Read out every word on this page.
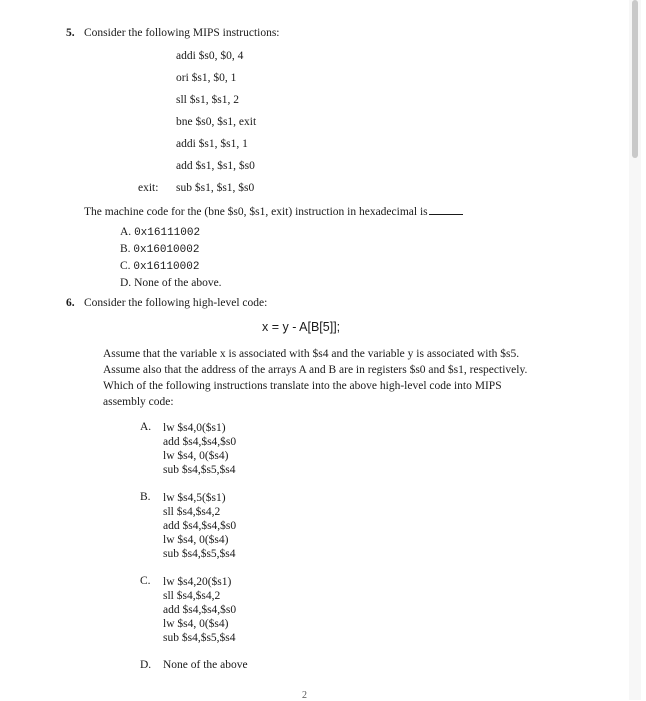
5. Consider the following MIPS instructions:
addi $s0, $0, 4
ori $s1, $0, 1
sll $s1, $s1, 2
bne $s0, $s1, exit
addi $s1, $s1, 1
add $s1, $s1, $s0
exit: sub $s1, $s1, $s0
The machine code for the (bne $s0, $s1, exit) instruction in hexadecimal is
A. 0x16111002
B. 0x16010002
C. 0x16110002
D. None of the above.
6. Consider the following high-level code:
x = y - A[B[5]];
Assume that the variable x is associated with $s4 and the variable y is associated with $s5. Assume also that the address of the arrays A and B are in registers $s0 and $s1, respectively. Which of the following instructions translate into the above high-level code into MIPS assembly code:
A. lw $s4,0($s1)
add $s4,$s4,$s0
lw $s4, 0($s4)
sub $s4,$s5,$s4
B. lw $s4,5($s1)
sll $s4,$s4,2
add $s4,$s4,$s0
lw $s4, 0($s4)
sub $s4,$s5,$s4
C. lw $s4,20($s1)
sll $s4,$s4,2
add $s4,$s4,$s0
lw $s4, 0($s4)
sub $s4,$s5,$s4
D. None of the above
2
